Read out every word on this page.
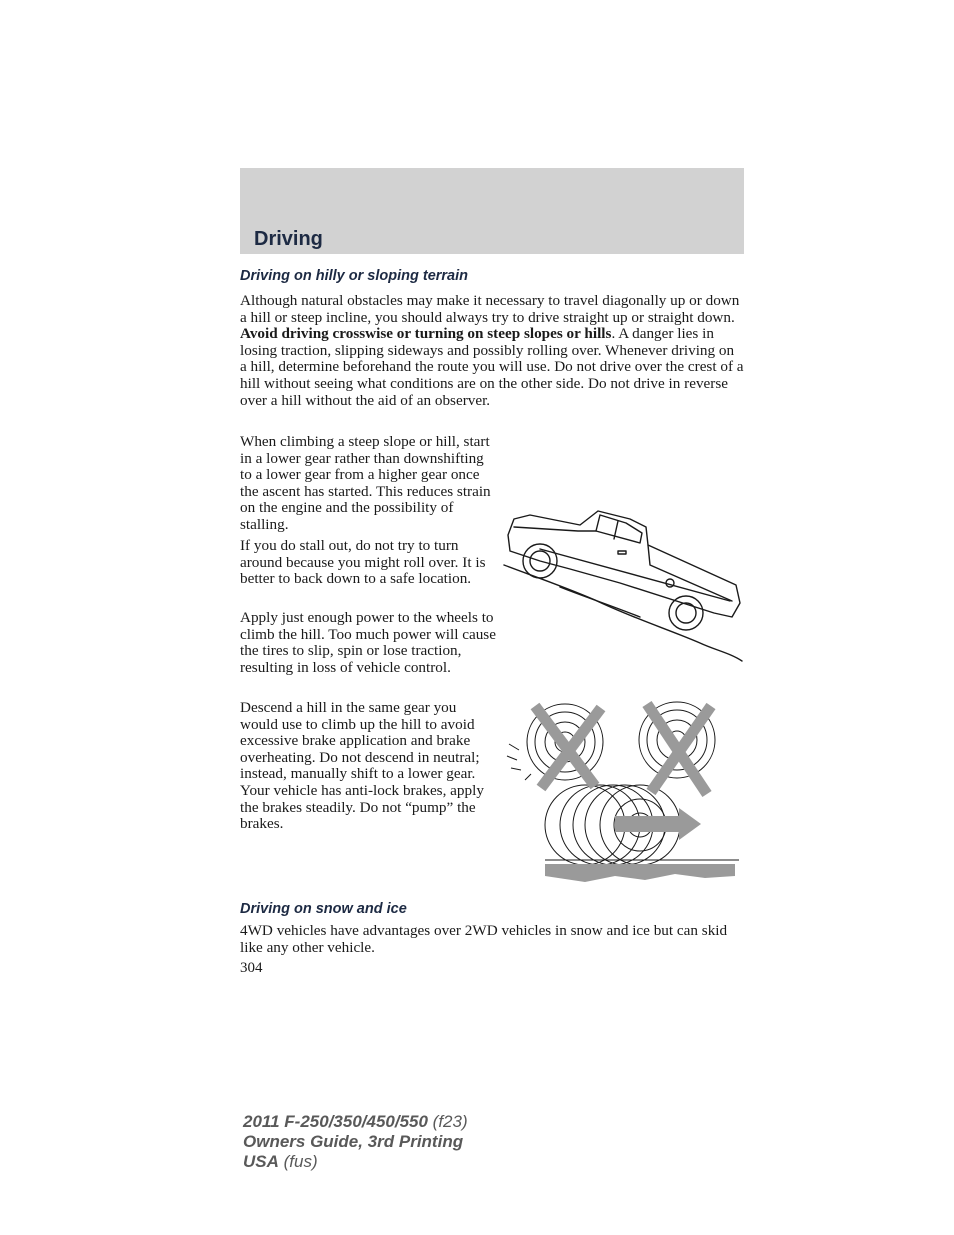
Driving
Driving on hilly or sloping terrain

Although natural obstacles may make it necessary to travel diagonally up or down a hill or steep incline, you should always try to drive straight up or straight down. Avoid driving crosswise or turning on steep slopes or hills. A danger lies in losing traction, slipping sideways and possibly rolling over. Whenever driving on a hill, determine beforehand the route you will use. Do not drive over the crest of a hill without seeing what conditions are on the other side. Do not drive in reverse over a hill without the aid of an observer.

When climbing a steep slope or hill, start in a lower gear rather than downshifting to a lower gear from a higher gear once the ascent has started. This reduces strain on the engine and the possibility of stalling.

If you do stall out, do not try to turn around because you might roll over. It is better to back down to a safe location.

Apply just enough power to the wheels to climb the hill. Too much power will cause the tires to slip, spin or lose traction, resulting in loss of vehicle control.

Descend a hill in the same gear you would use to climb up the hill to avoid excessive brake application and brake overheating. Do not descend in neutral; instead, manually shift to a lower gear. Your vehicle has anti-lock brakes, apply the brakes steadily. Do not “pump” the brakes.

Driving on snow and ice

4WD vehicles have advantages over 2WD vehicles in snow and ice but can skid like any other vehicle.

304
2011 F-250/350/450/550 (f23)
Owners Guide, 3rd Printing
USA (fus)
